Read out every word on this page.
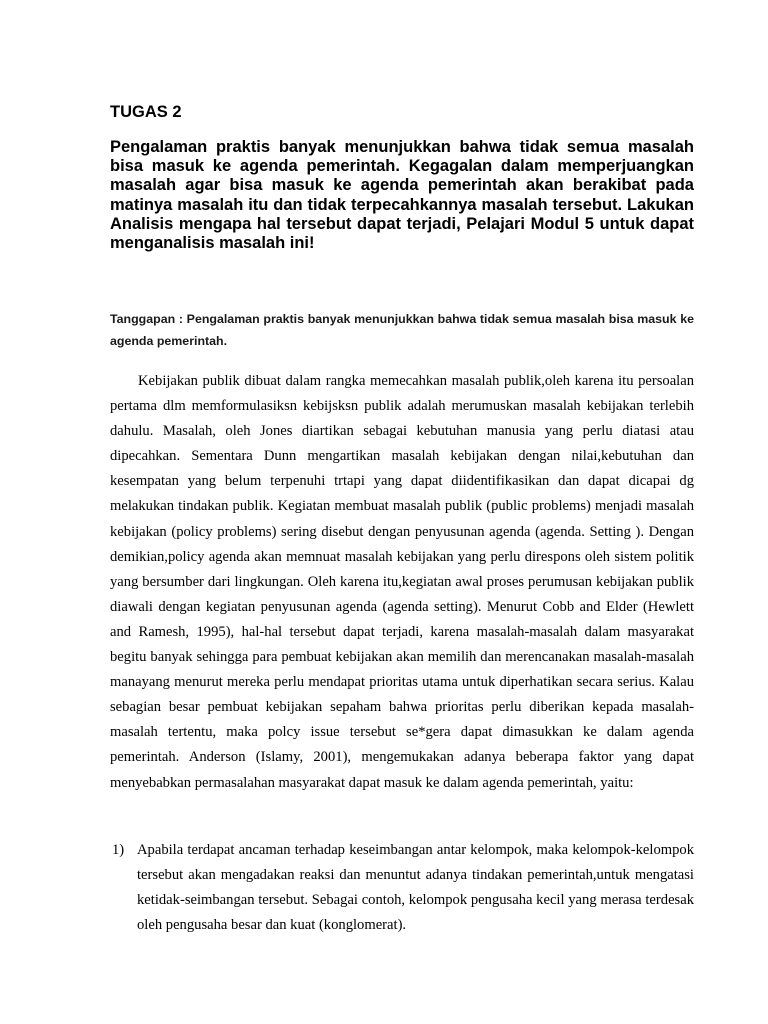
TUGAS 2

Pengalaman praktis banyak menunjukkan bahwa tidak semua masalah bisa masuk ke agenda pemerintah. Kegagalan dalam memperjuangkan masalah agar bisa masuk ke agenda pemerintah akan berakibat pada matinya masalah itu dan tidak terpecahkannya masalah tersebut. Lakukan Analisis mengapa hal tersebut dapat terjadi, Pelajari Modul 5 untuk dapat menganalisis masalah ini!

Tanggapan : Pengalaman praktis banyak menunjukkan bahwa tidak semua masalah bisa masuk ke agenda pemerintah.

Kebijakan publik dibuat dalam rangka memecahkan masalah publik,oleh karena itu persoalan pertama dlm memformulasiksn kebijsksn publik adalah merumuskan masalah kebijakan terlebih dahulu. Masalah, oleh Jones diartikan sebagai kebutuhan manusia yang perlu diatasi atau dipecahkan. Sementara Dunn mengartikan masalah kebijakan dengan nilai,kebutuhan dan kesempatan yang belum terpenuhi trtapi yang dapat diidentifikasikan dan dapat dicapai dg melakukan tindakan publik. Kegiatan membuat masalah publik (public problems) menjadi masalah kebijakan (policy problems) sering disebut dengan penyusunan agenda (agenda. Setting ). Dengan demikian,policy agenda akan memnuat masalah kebijakan yang perlu direspons oleh sistem politik yang bersumber dari lingkungan. Oleh karena itu,kegiatan awal proses perumusan kebijakan publik diawali dengan kegiatan penyusunan agenda (agenda setting). Menurut Cobb and Elder (Hewlett and Ramesh, 1995), hal-hal tersebut dapat terjadi, karena masalah-masalah dalam masyarakat begitu banyak sehingga para pembuat kebijakan akan memilih dan merencanakan masalah-masalah manayang menurut mereka perlu mendapat prioritas utama untuk diperhatikan secara serius. Kalau sebagian besar pembuat kebijakan sepaham bahwa prioritas perlu diberikan kepada masalah-masalah tertentu, maka polcy issue tersebut se*gera dapat dimasukkan ke dalam agenda pemerintah. Anderson (Islamy, 2001), mengemukakan adanya beberapa faktor yang dapat menyebabkan permasalahan masyarakat dapat masuk ke dalam agenda pemerintah, yaitu:

1) Apabila terdapat ancaman terhadap keseimbangan antar kelompok, maka kelompok-kelompok tersebut akan mengadakan reaksi dan menuntut adanya tindakan pemerintah,untuk mengatasi ketidak-seimbangan tersebut. Sebagai contoh, kelompok pengusaha kecil yang merasa terdesak oleh pengusaha besar dan kuat (konglomerat).
